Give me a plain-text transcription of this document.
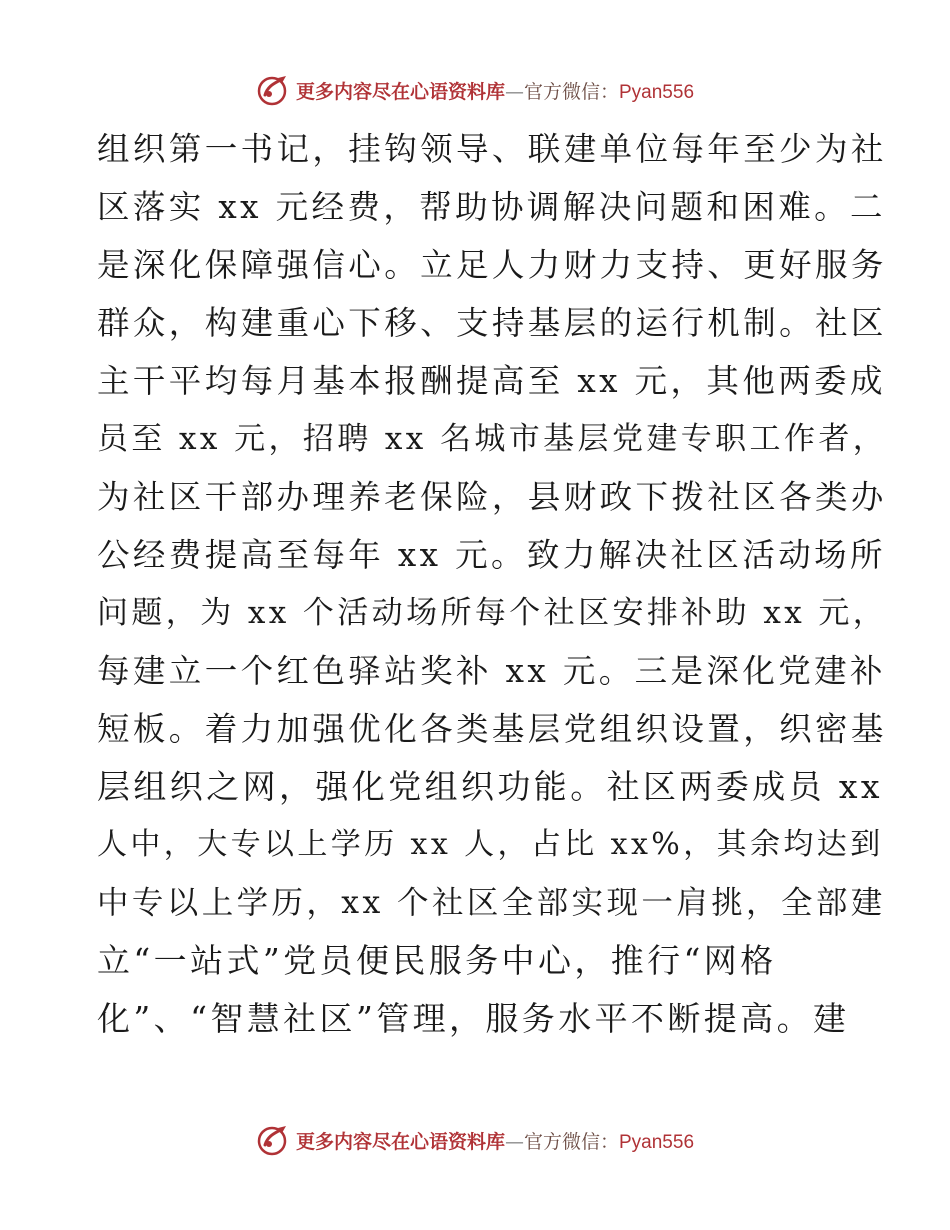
更多内容尽在心语资料库 — 官方微信： Pyan556
组织第一书记，挂钩领导、联建单位每年至少为社
区落实 xx 元经费，帮助协调解决问题和困难。二
是深化保障强信心。立足人力财力支持、更好服务
群众，构建重心下移、支持基层的运行机制。社区
主干平均每月基本报酬提高至 xx 元，其他两委成
员至 xx 元，招聘 xx 名城市基层党建专职工作者，
为社区干部办理养老保险，县财政下拨社区各类办
公经费提高至每年 xx 元。致力解决社区活动场所
问题，为 xx 个活动场所每个社区安排补助 xx 元，
每建立一个红色驿站奖补 xx 元。三是深化党建补
短板。着力加强优化各类基层党组织设置，织密基
层组织之网，强化党组织功能。社区两委成员 xx
人中，大专以上学历 xx 人，占比 xx%，其余均达到
中专以上学历，xx 个社区全部实现一肩挑，全部建
立“一站式”党员便民服务中心，推行“网格
化”、“智慧社区”管理，服务水平不断提高。建
更多内容尽在心语资料库 — 官方微信： Pyan556
